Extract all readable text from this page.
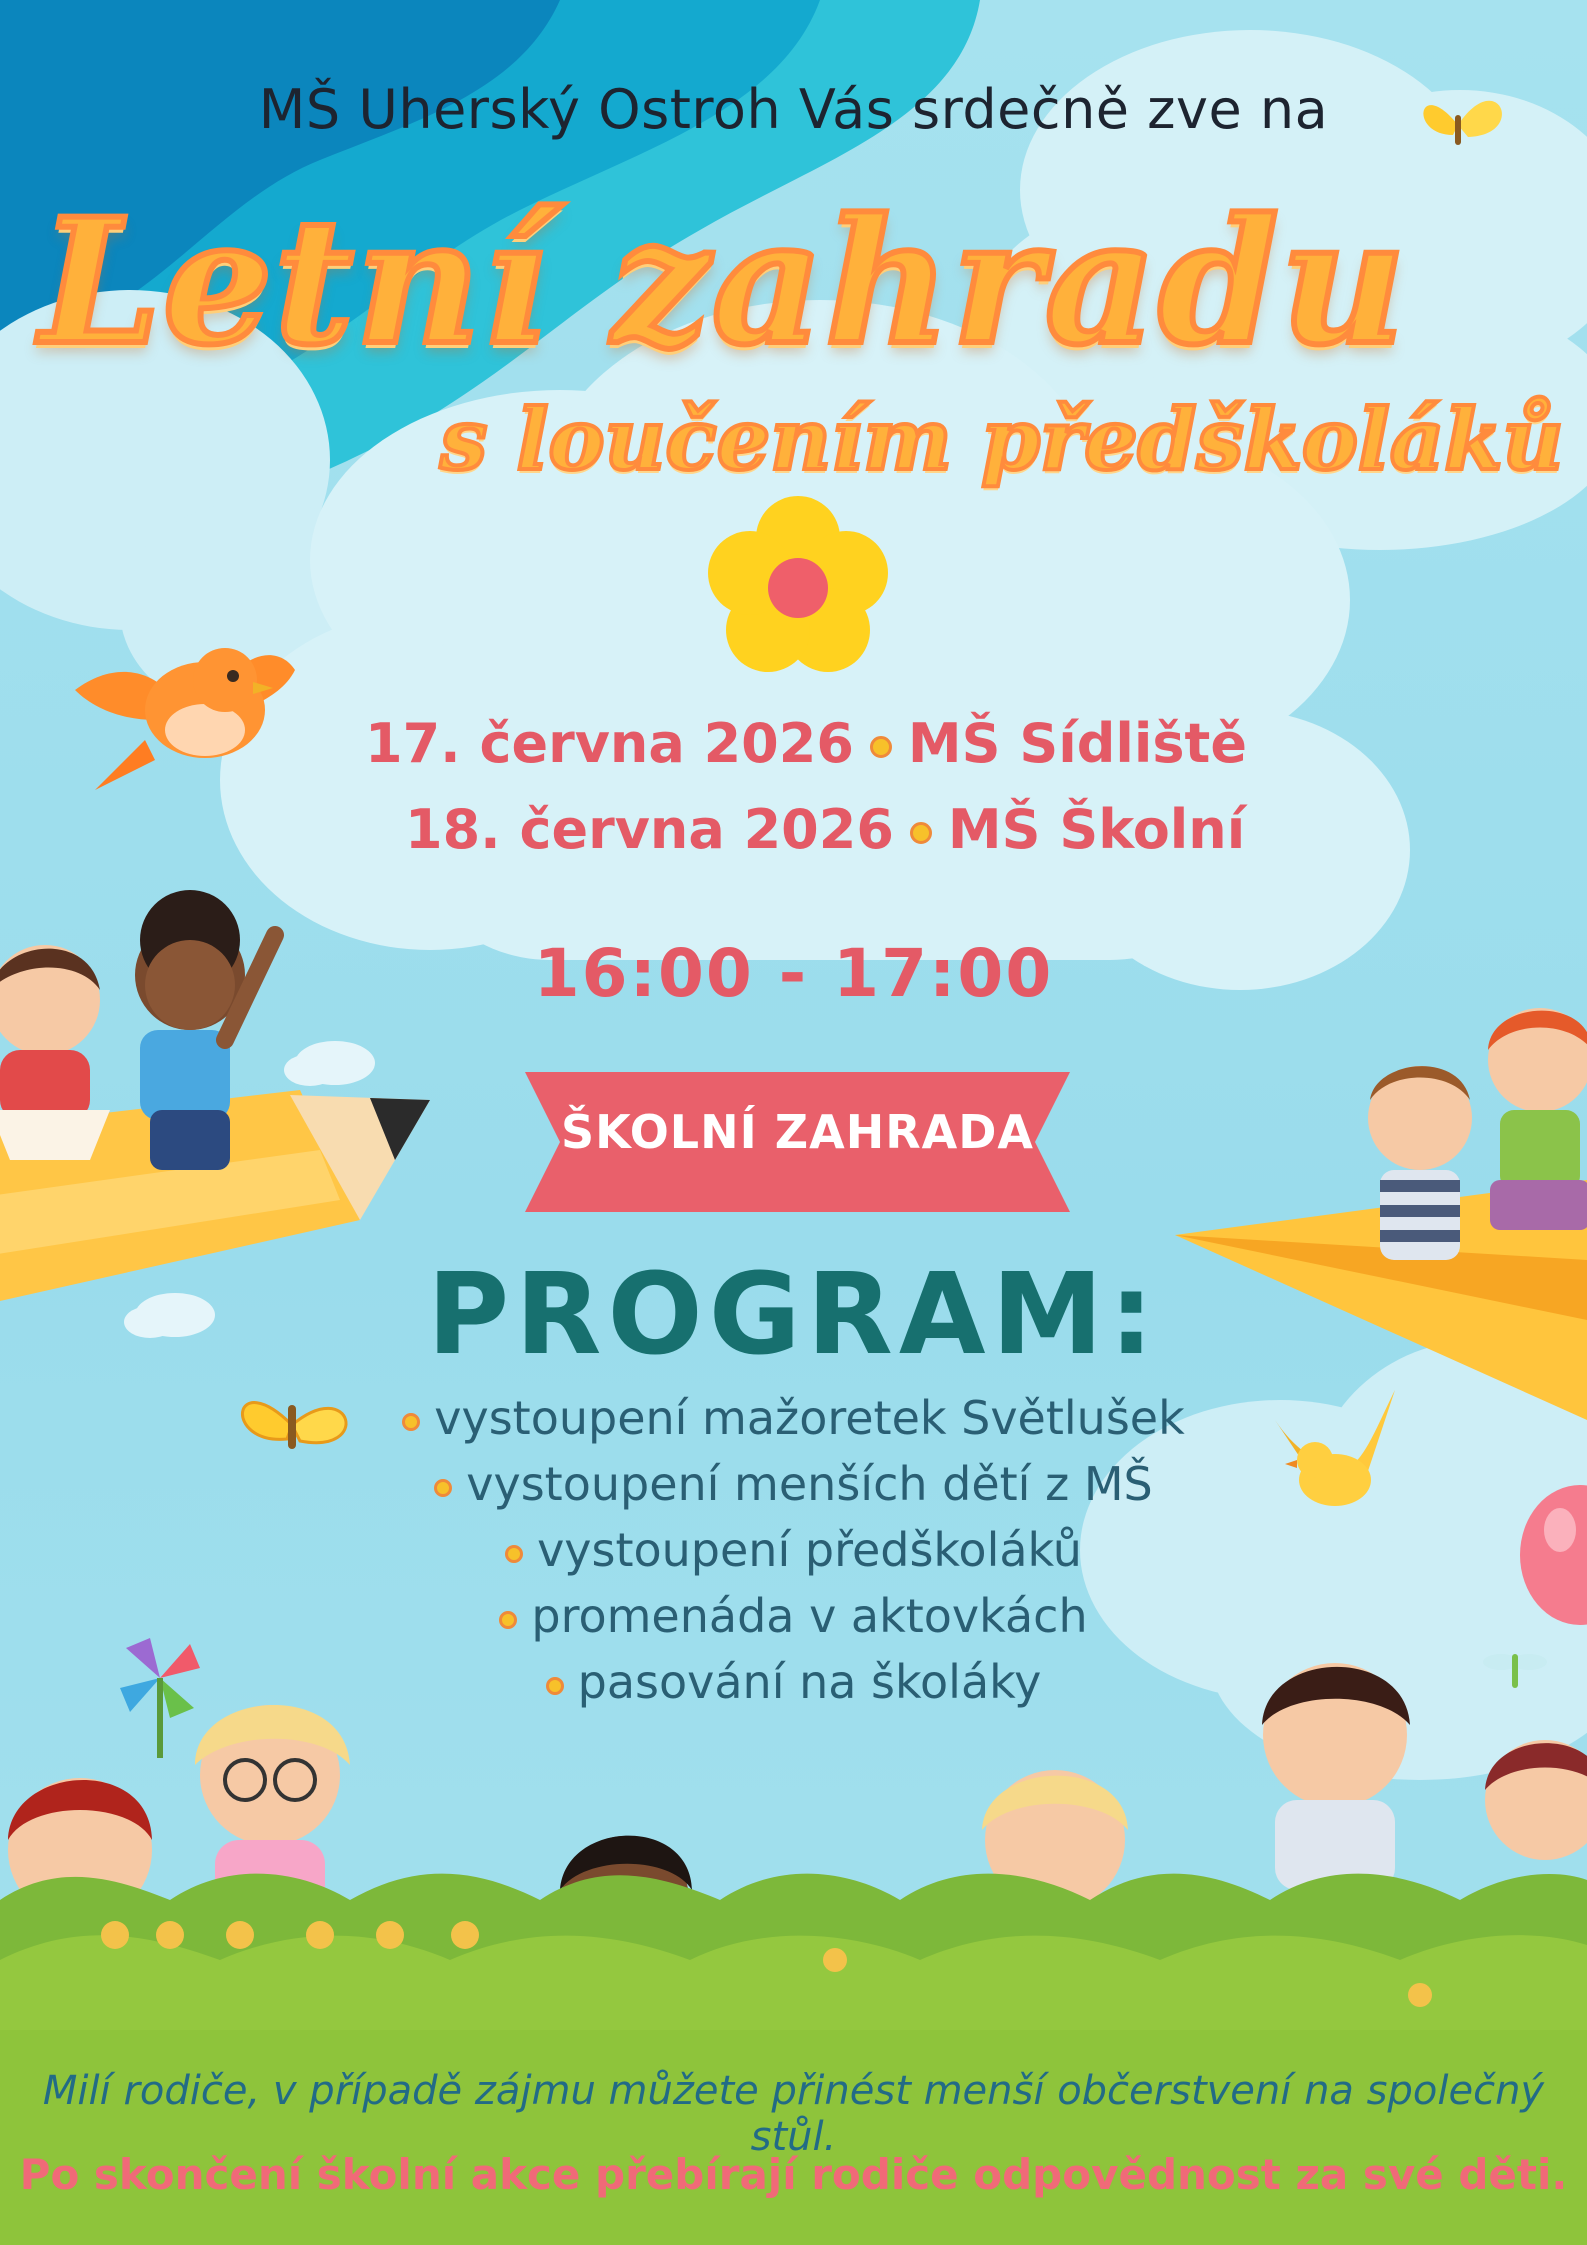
MŠ Uherský Ostroh Vás srdečně zve na
Letní zahradu
s loučením předškoláků
17. června 2026 MŠ Sídliště
18. června 2026 MŠ Školní
16:00 - 17:00
ŠKOLNÍ ZAHRADA
PROGRAM:
vystoupení mažoretek Světlušek
vystoupení menších dětí z MŠ
vystoupení předškoláků
promenáda v aktovkách
pasování na školáky
Milí rodiče, v případě zájmu můžete přinést menší občerstvení na společný stůl.
Po skončení školní akce přebírají rodiče odpovědnost za své děti.
